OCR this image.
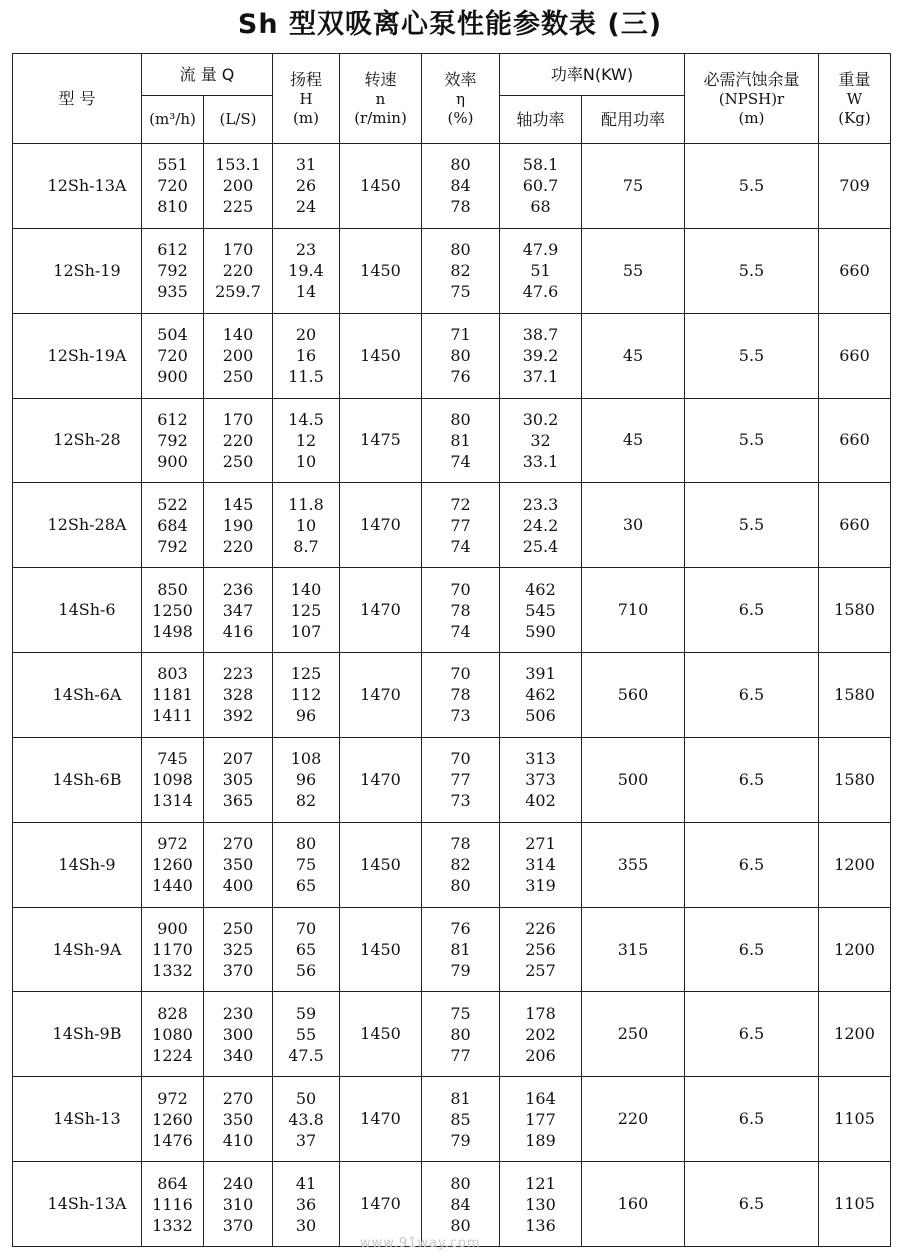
Sh 型双吸离心泵性能参数表 (三)
型 号	流 量 Q		扬程
H
(m)	转速
n
(r/min)	效率
η
(%)	功率N(KW)		必需汽蚀余量
(NPSH)r
(m)	重量
W
(Kg)

	(m³/h)	(L/S)				轴功率	配用功率		
12Sh-13A	551
720
810	153.1
200
225	31
26
24	1450	80
84
78	58.1
60.7
68	75	5.5	709
12Sh-19	612
792
935	170
220
259.7	23
19.4
14	1450	80
82
75	47.9
51
47.6	55	5.5	660
12Sh-19A	504
720
900	140
200
250	20
16
11.5	1450	71
80
76	38.7
39.2
37.1	45	5.5	660
12Sh-28	612
792
900	170
220
250	14.5
12
10	1475	80
81
74	30.2
32
33.1	45	5.5	660
12Sh-28A	522
684
792	145
190
220	11.8
10
8.7	1470	72
77
74	23.3
24.2
25.4	30	5.5	660
14Sh-6	850
1250
1498	236
347
416	140
125
107	1470	70
78
74	462
545
590	710	6.5	1580
14Sh-6A	803
1181
1411	223
328
392	125
112
96	1470	70
78
73	391
462
506	560	6.5	1580
14Sh-6B	745
1098
1314	207
305
365	108
96
82	1470	70
77
73	313
373
402	500	6.5	1580
14Sh-9	972
1260
1440	270
350
400	80
75
65	1450	78
82
80	271
314
319	355	6.5	1200
14Sh-9A	900
1170
1332	250
325
370	70
65
56	1450	76
81
79	226
256
257	315	6.5	1200
14Sh-9B	828
1080
1224	230
300
340	59
55
47.5	1450	75
80
77	178
202
206	250	6.5	1200
14Sh-13	972
1260
1476	270
350
410	50
43.8
37	1470	81
85
79	164
177
189	220	6.5	1105
14Sh-13A	864
1116
1332	240
310
370	41
36
30	1470	80
84
80	121
130
136	160	6.5	1105
www.91way.com
